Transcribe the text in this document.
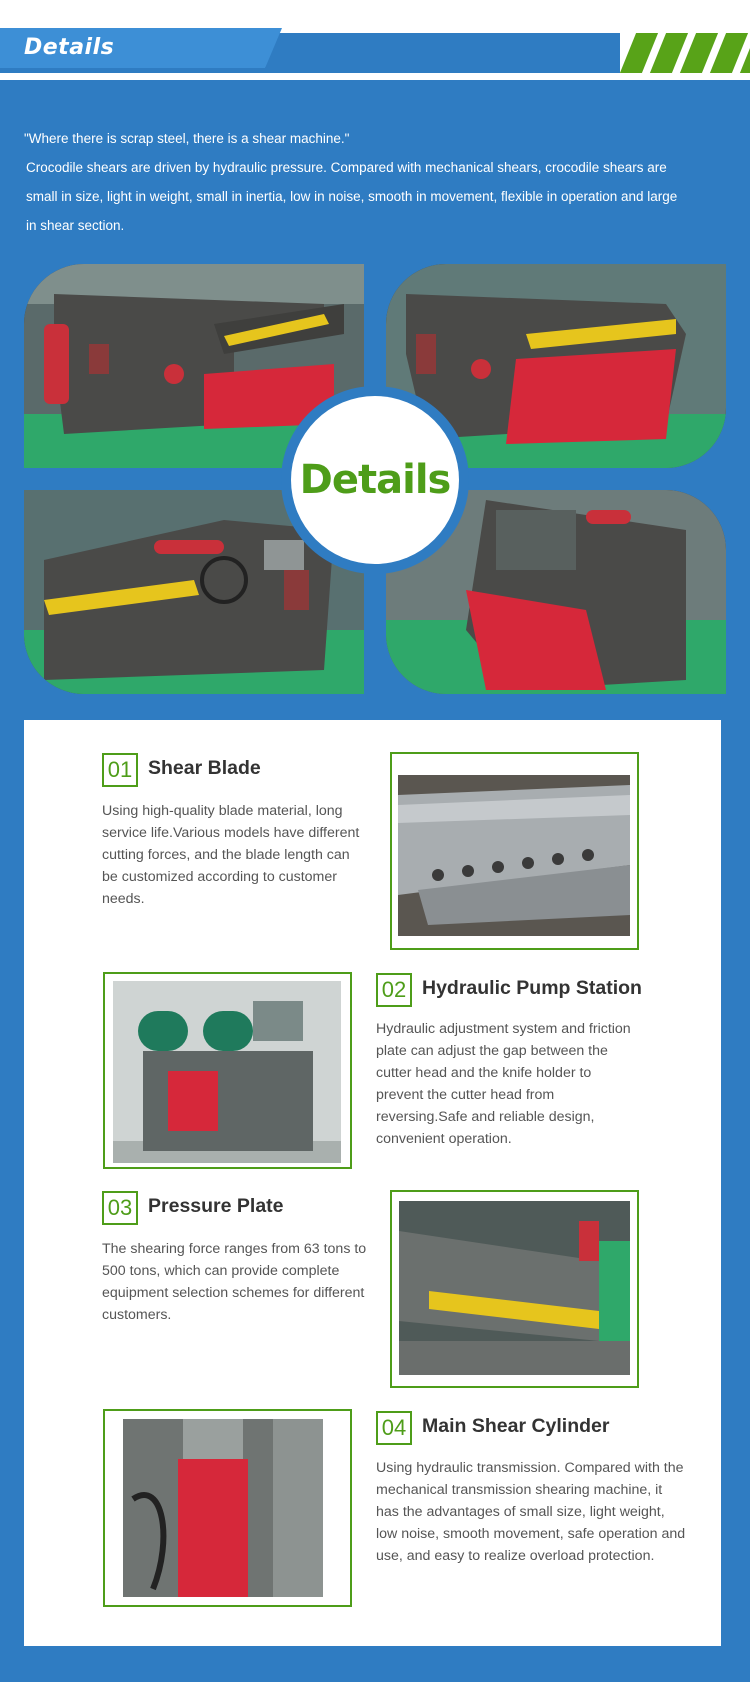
Details

"Where there is scrap steel, there is a shear machine."

Crocodile shears are driven by hydraulic pressure. Compared with mechanical shears, crocodile shears are

small in size, light in weight, small in inertia, low in noise, smooth in movement, flexible in operation and large

in shear section.

Details
01 Shear Blade
Using high-quality blade material, long service life.Various models have different cutting forces, and the blade length can be customized according to customer needs.
02 Hydraulic Pump Station
Hydraulic adjustment system and friction plate can adjust the gap between the cutter head and the knife holder to prevent the cutter head from reversing.Safe and reliable design, convenient operation.
03 Pressure Plate
The shearing force ranges from 63 tons to 500 tons, which can provide complete equipment selection schemes for different customers.
04 Main Shear Cylinder
Using hydraulic transmission. Compared with the mechanical transmission shearing machine, it has the advantages of small size, light weight, low noise, smooth movement, safe operation and use, and easy to realize overload protection.
